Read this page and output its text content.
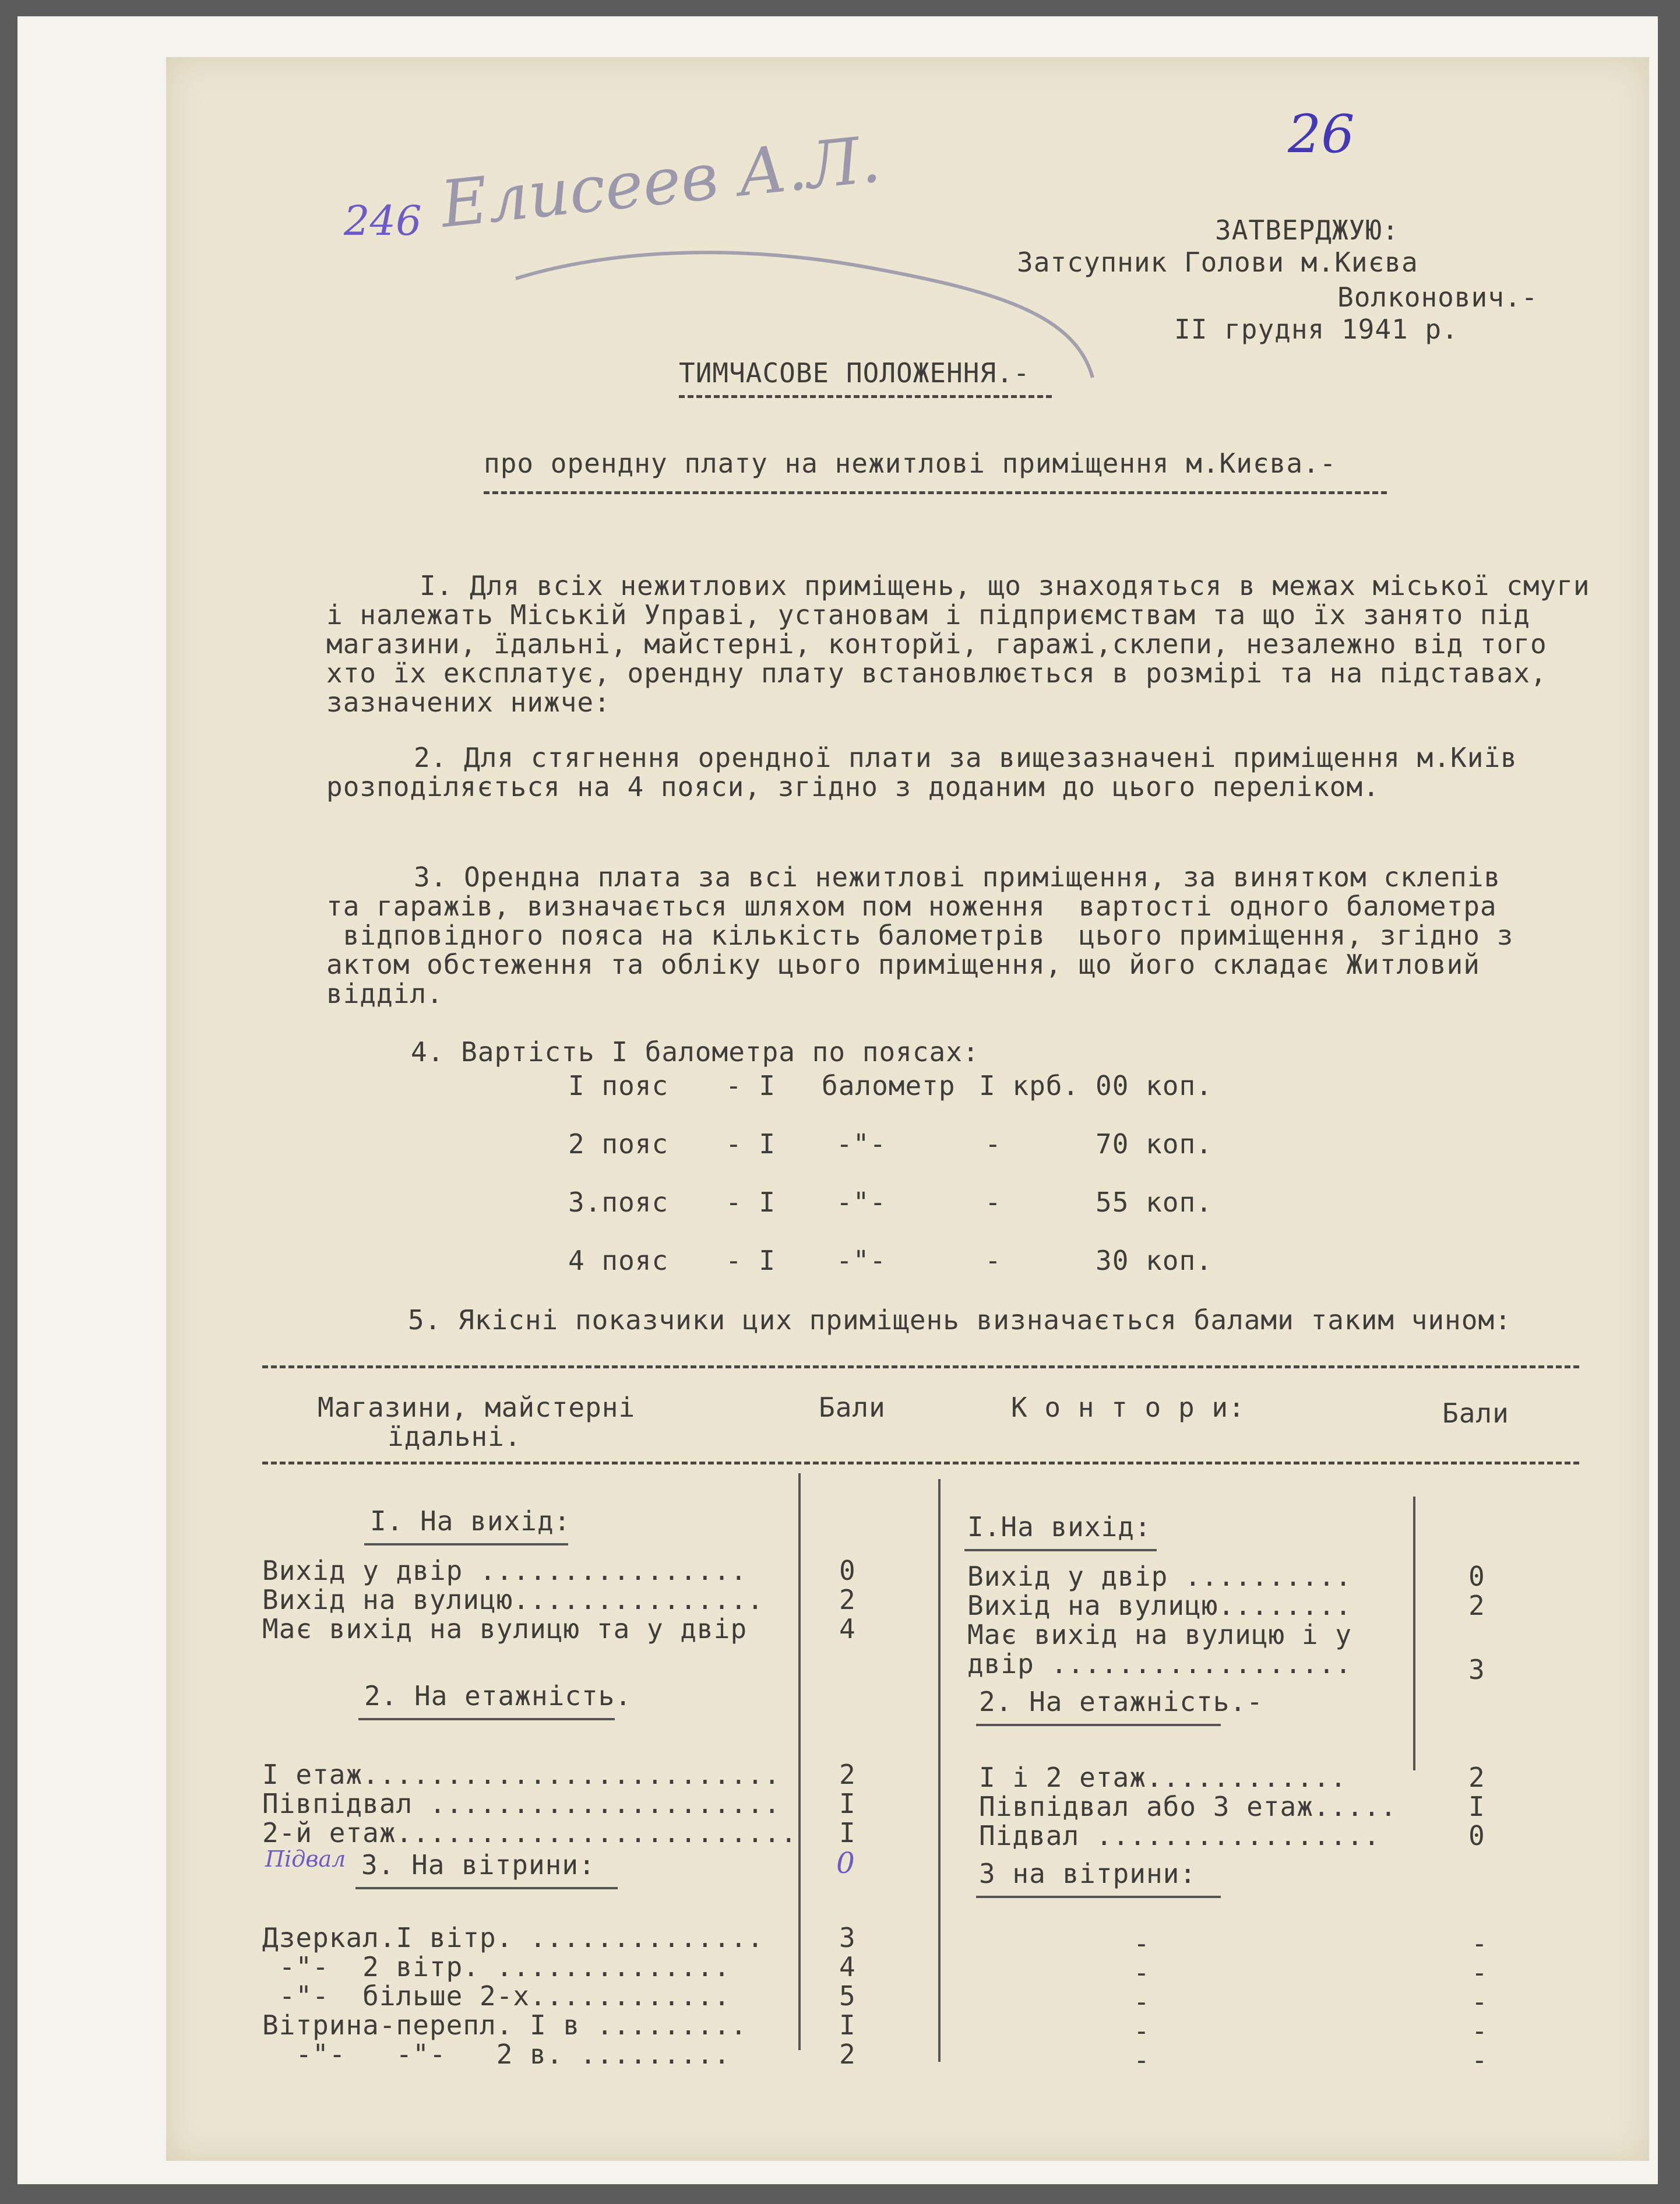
26
246 Елисеев А.Л.	ЗАТВЕРДЖУЮ:
Затсупник Голови м.Києва
Волконович.-
II грудня 1941 р.
ТИМЧАСОВЕ ПОЛОЖЕННЯ.-
про орендну плату на нежитлові приміщення м.Києва.-
I. Для всіх нежитлових приміщень, що знаходяться в межах міської смуги
і належать Міській Управі, установам і підприємствам та що їх занято під
магазини, їдальні, майстерні, конторйі, гаражі,склепи, незалежно від того
хто їх експлатує, орендну плату встановлюється в розмірі та на підставах,
зазначених нижче:
2. Для стягнення орендної плати за вищезазначені приміщення м.Київ
розподіляється на 4 пояси, згідно з доданим до цього переліком.
3. Орендна плата за всі нежитлові приміщення, за винятком склепів
та гаражів, визначається шляхом пом ноження  вартості одного балометра
відповідного пояса на кількість балометрів  цього приміщення, згідно з
актом обстеження та обліку цього приміщення, що його складає Житловий
відділ.
4. Вартість I балометра по поясах:
I пояс - I балометр I крб. 00 коп.
2 пояс - I -"-	-	70 коп.
3.пояс - I -"-	-	55 коп.
4 пояс - I -"-	-	30 коп.
5. Якісні показчики цих приміщень визначається балами таким чином:
Магазини, майстерні
їдальні.
Бали	К о н т о р и:	Бали
I. На вихід:
Вихід у двір ................	0
Вихід на вулицю...............	2
Має вихід на вулицю та у двір	4
2. На етажність.
I етаж......................... 2
Півпідвал ..................... I
2-й етаж........................ I
Підвал	0
3. На вітрини:
Дзеркал.I вітр. ..............	3
-"-  2 вітр. ..............	4
-"-  більше 2-х............	5
Вітрина-перепл. I в .........	I
-"-   -"-   2 в. .........	2
I.На вихід:
Вихід у двір ..........	0
Вихід на вулицю........	2
Має вихід на вулицю і у
двір ..................	3
2. На етажність.-
I і 2 етаж............	2
Півпідвал або 3 етаж.....	I
Підвал .................	0
3 на вітрини:
-	-
-	-
-	-
-	-
-	-
